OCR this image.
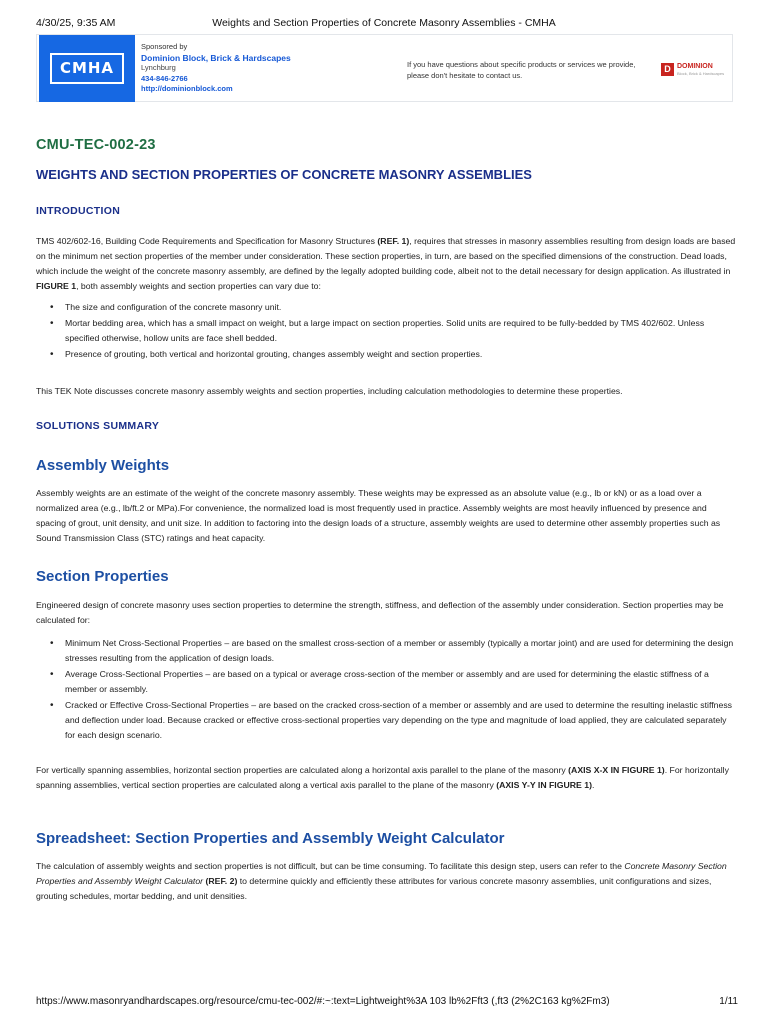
4/30/25, 9:35 AM	Weights and Section Properties of Concrete Masonry Assemblies - CMHA
CMHA
Sponsored by
Dominion Block, Brick & Hardscapes
Lynchburg
434-846-2766
http://dominionblock.com
If you have questions about specific products or services we provide, please don't hesitate to contact us.
D DOMINION
Block, Brick & Hardscapes
CMU-TEC-002-23
WEIGHTS AND SECTION PROPERTIES OF CONCRETE MASONRY ASSEMBLIES
INTRODUCTION
TMS 402/602-16, Building Code Requirements and Specification for Masonry Structures (REF. 1), requires that stresses in masonry assemblies resulting from design loads are based on the minimum net section properties of the member under consideration. These section properties, in turn, are based on the specified dimensions of the construction. Dead loads, which include the weight of the concrete masonry assembly, are defined by the legally adopted building code, albeit not to the detail necessary for design application. As illustrated in FIGURE 1, both assembly weights and section properties can vary due to:
• The size and configuration of the concrete masonry unit.
• Mortar bedding area, which has a small impact on weight, but a large impact on section properties. Solid units are required to be fully-bedded by TMS 402/602. Unless specified otherwise, hollow units are face shell bedded.
• Presence of grouting, both vertical and horizontal grouting, changes assembly weight and section properties.
This TEK Note discusses concrete masonry assembly weights and section properties, including calculation methodologies to determine these properties.
SOLUTIONS SUMMARY
Assembly Weights
Assembly weights are an estimate of the weight of the concrete masonry assembly. These weights may be expressed as an absolute value (e.g., lb or kN) or as a load over a normalized area (e.g., lb/ft.2 or MPa).For convenience, the normalized load is most frequently used in practice. Assembly weights are most heavily influenced by presence and spacing of grout, unit density, and unit size. In addition to factoring into the design loads of a structure, assembly weights are used to determine other assembly properties such as Sound Transmission Class (STC) ratings and heat capacity.
Section Properties
Engineered design of concrete masonry uses section properties to determine the strength, stiffness, and deflection of the assembly under consideration. Section properties may be calculated for:
• Minimum Net Cross-Sectional Properties – are based on the smallest cross-section of a member or assembly (typically a mortar joint) and are used for determining the design stresses resulting from the application of design loads.
• Average Cross-Sectional Properties – are based on a typical or average cross-section of the member or assembly and are used for determining the elastic stiffness of a member or assembly.
• Cracked or Effective Cross-Sectional Properties – are based on the cracked cross-section of a member or assembly and are used to determine the resulting inelastic stiffness and deflection under load. Because cracked or effective cross-sectional properties vary depending on the type and magnitude of load applied, they are calculated separately for each design scenario.
For vertically spanning assemblies, horizontal section properties are calculated along a horizontal axis parallel to the plane of the masonry (AXIS X-X IN FIGURE 1). For horizontally spanning assemblies, vertical section properties are calculated along a vertical axis parallel to the plane of the masonry (AXIS Y-Y IN FIGURE 1).
Spreadsheet: Section Properties and Assembly Weight Calculator
The calculation of assembly weights and section properties is not difficult, but can be time consuming. To facilitate this design step, users can refer to the Concrete Masonry Section Properties and Assembly Weight Calculator (REF. 2) to determine quickly and efficiently these attributes for various concrete masonry assemblies, unit configurations and sizes, grouting schedules, mortar bedding, and unit densities.
https://www.masonryandhardscapes.org/resource/cmu-tec-002/#:~:text=Lightweight%3A 103 lb%2Fft3 (,ft3 (2%2C163 kg%2Fm3)	1/11
